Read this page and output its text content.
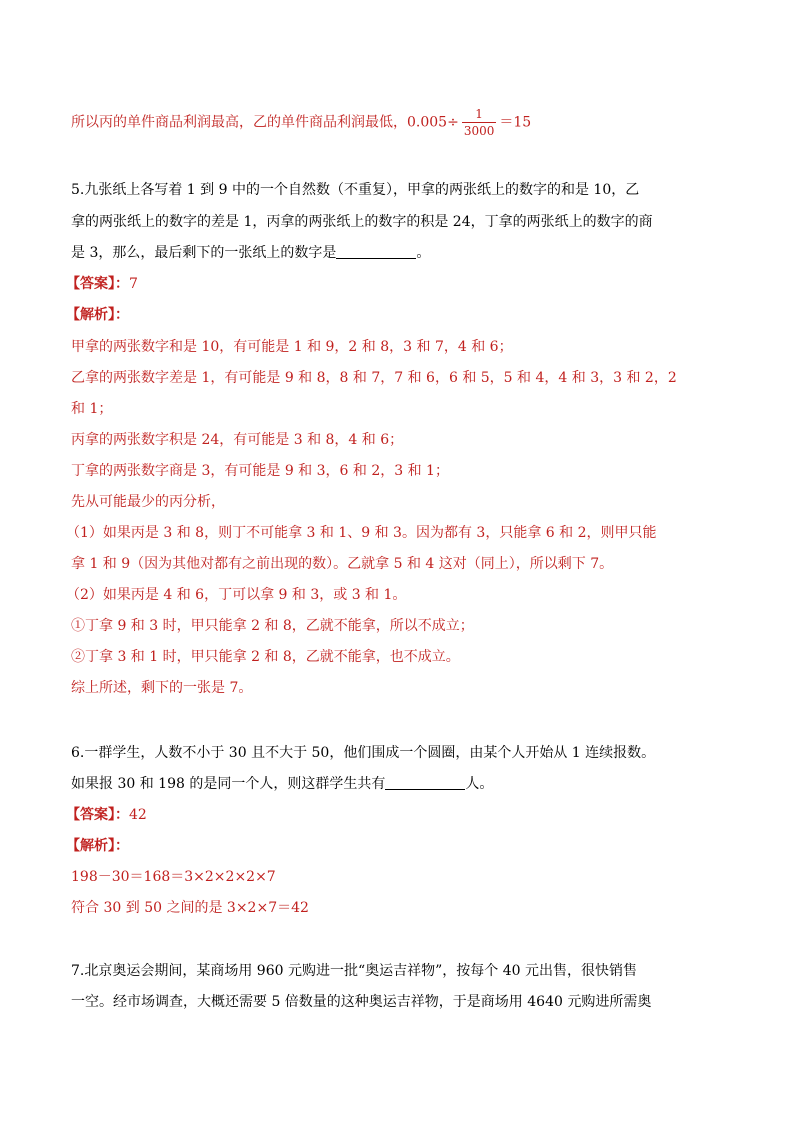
所以丙的单件商品利润最高，乙的单件商品利润最低，$0.005\div \frac{1}{3000} =15$
5.九张纸上各写着 1 到 9 中的一个自然数（不重复），甲拿的两张纸上的数字的和是 10，乙
拿的两张纸上的数字的差是 1，丙拿的两张纸上的数字的积是 24，丁拿的两张纸上的数字的商
是 3，那么，最后剩下的一张纸上的数字是	。
【答案】：7
【解析】：
甲拿的两张数字和是 10，有可能是 1 和 9，2 和 8，3 和 7，4 和 6；
乙拿的两张数字差是 1，有可能是 9 和 8，8 和 7，7 和 6，6 和 5，5 和 4，4 和 3，3 和 2，2
和 1；
丙拿的两张数字积是 24，有可能是 3 和 8，4 和 6；
丁拿的两张数字商是 3，有可能是 9 和 3，6 和 2，3 和 1；
先从可能最少的丙分析，
（1）如果丙是 3 和 8，则丁不可能拿 3 和 1、9 和 3。因为都有 3，只能拿 6 和 2，则甲只能
拿 1 和 9（因为其他对都有之前出现的数）。乙就拿 5 和 4 这对（同上），所以剩下 7。
（2）如果丙是 4 和 6，丁可以拿 9 和 3，或 3 和 1。
①丁拿 9 和 3 时，甲只能拿 2 和 8，乙就不能拿，所以不成立；
②丁拿 3 和 1 时，甲只能拿 2 和 8，乙就不能拿，也不成立。
综上所述，剩下的一张是 7。
6.一群学生，人数不小于 30 且不大于 50，他们围成一个圆圈，由某个人开始从 1 连续报数。
如果报 30 和 198 的是同一个人，则这群学生共有	人。
【答案】：42
【解析】：
198－30＝168＝3×2×2×2×7
符合 30 到 50 之间的是 3×2×7＝42
7.北京奥运会期间，某商场用 960 元购进一批“奥运吉祥物”，按每个 40 元出售，很快销售
一空。经市场调查，大概还需要 5 倍数量的这种奥运吉祥物，于是商场用 4640 元购进所需奥
